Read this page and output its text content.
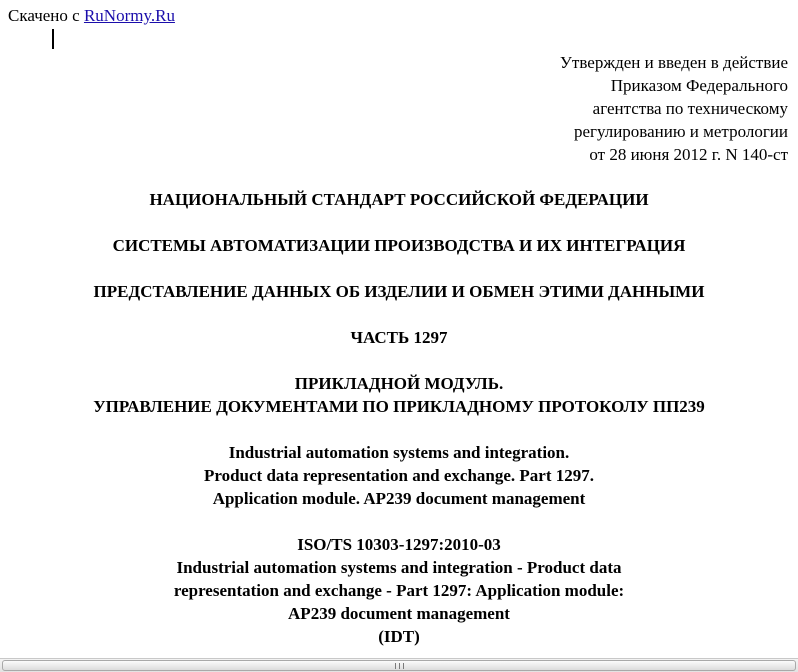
Скачено с RuNormy.Ru
Утвержден и введен в действие
Приказом Федерального
агентства по техническому
регулированию и метрологии
от 28 июня 2012 г. N 140-ст
НАЦИОНАЛЬНЫЙ СТАНДАРТ РОССИЙСКОЙ ФЕДЕРАЦИИ
СИСТЕМЫ АВТОМАТИЗАЦИИ ПРОИЗВОДСТВА И ИХ ИНТЕГРАЦИЯ
ПРЕДСТАВЛЕНИЕ ДАННЫХ ОБ ИЗДЕЛИИ И ОБМЕН ЭТИМИ ДАННЫМИ
ЧАСТЬ 1297
ПРИКЛАДНОЙ МОДУЛЬ.
УПРАВЛЕНИЕ ДОКУМЕНТАМИ ПО ПРИКЛАДНОМУ ПРОТОКОЛУ ПП239
Industrial automation systems and integration.
Product data representation and exchange. Part 1297.
Application module. AP239 document management
ISO/TS 10303-1297:2010-03
Industrial automation systems and integration - Product data
representation and exchange - Part 1297: Application module:
AP239 document management
(IDT)
